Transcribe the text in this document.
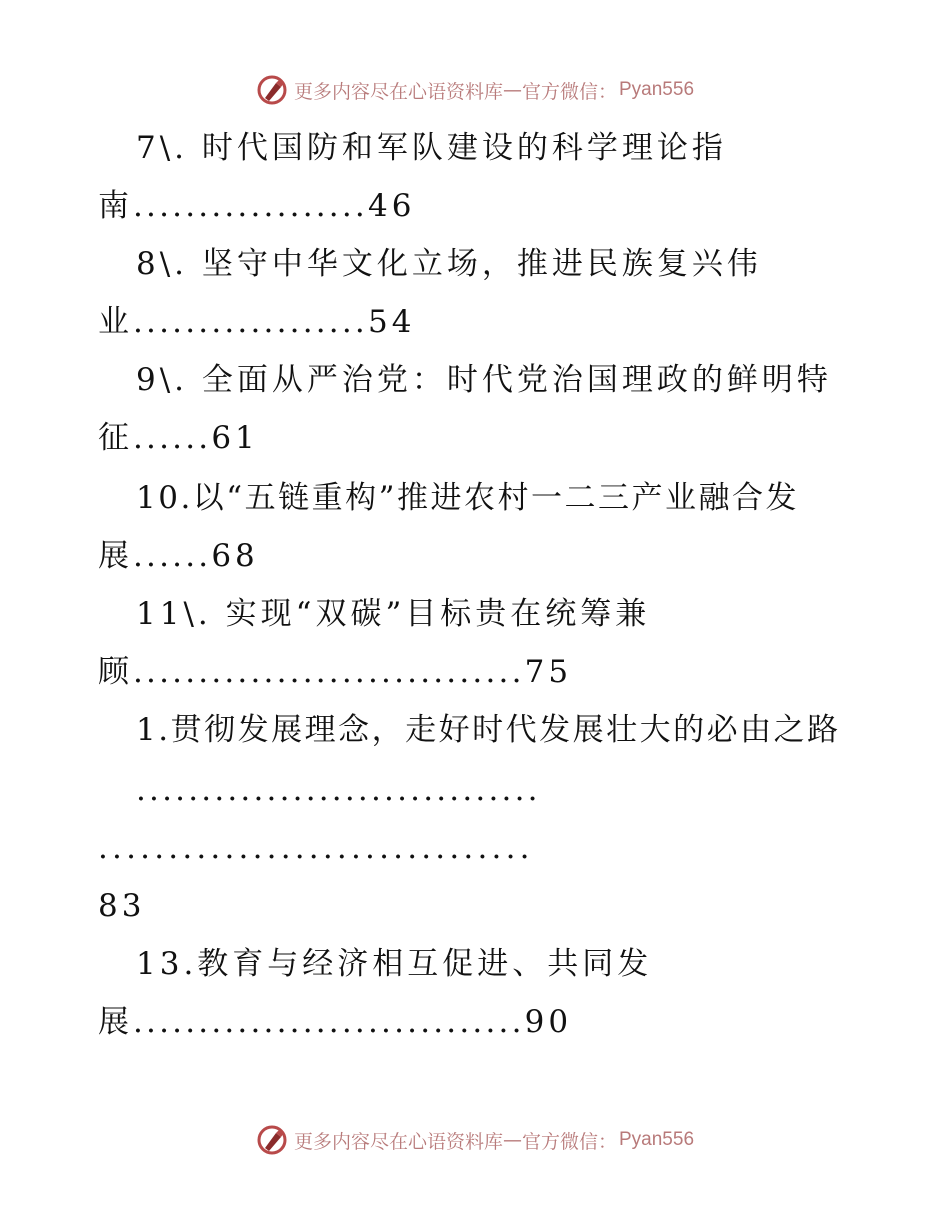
更多内容尽在心语资料库 — 官方微信： Pyan556
7\. 时代国防和军队建设的科学理论指
南..................46
8\. 坚守中华文化立场，推进民族复兴伟
业..................54
9\. 全面从严治党：时代党治国理政的鲜明特
征......61
10.以“五链重构”推进农村一二三产业融合发
展......68
11\. 实现“双碳”目标贵在统筹兼
顾..............................75
1.贯彻发展理念，走好时代发展壮大的必由之路
...............................
...............................
83
13.教育与经济相互促进、共同发
展..............................90
更多内容尽在心语资料库 — 官方微信： Pyan556
